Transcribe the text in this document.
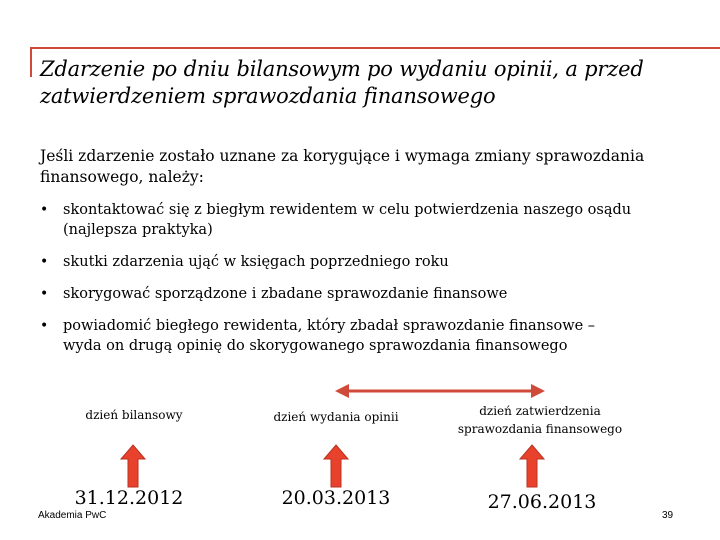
Zdarzenie po dniu bilansowym po wydaniu opinii, a przed
zatwierdzeniem sprawozdania finansowego
Jeśli zdarzenie zostało uznane za korygujące i wymaga zmiany sprawozdania
finansowego, należy:
• skontaktować się z biegłym rewidentem w celu potwierdzenia naszego osądu
(najlepsza praktyka)
• skutki zdarzenia ująć w księgach poprzedniego roku
• skorygować sporządzone i zbadane sprawozdanie finansowe
• powiadomić biegłego rewidenta, który zbadał sprawozdanie finansowe –
wyda on drugą opinię do skorygowanego sprawozdania finansowego
dzień bilansowy
31.12.2012
dzień wydania opinii
20.03.2013
dzień zatwierdzenia
sprawozdania finansowego
27.06.2013
Akademia PwC	39
